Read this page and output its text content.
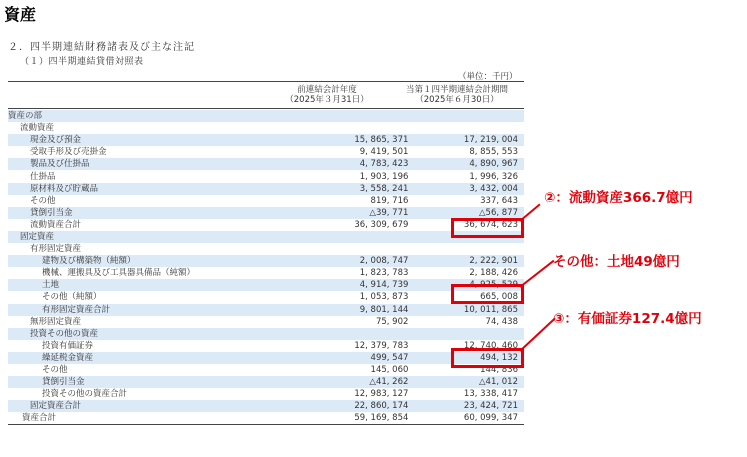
資産
２．四半期連結財務諸表及び主な注記
（１）四半期連結貸借対照表
（単位：千円）
前連結会計年度
（2025年３月31日）
当第１四半期連結会計期間
（2025年６月30日）
資産の部		
流動資産		
現金及び預金	15, 865, 371	17, 219, 004
受取手形及び売掛金	9, 419, 501	8, 855, 553
製品及び仕掛品	4, 783, 423	4, 890, 967
仕掛品	1, 903, 196	1, 996, 326
原材料及び貯蔵品	3, 558, 241	3, 432, 004
その他	819, 716	337, 643
貸倒引当金	△39, 771	△56, 877
流動資産合計	36, 309, 679	36, 674, 623
固定資産		
有形固定資産		
建物及び構築物（純額）	2, 008, 747	2, 222, 901
機械、運搬具及び工具器具備品（純額）	1, 823, 783	2, 188, 426
土地	4, 914, 739	4, 925, 529
その他（純額）	1, 053, 873	665, 008
有形固定資産合計	9, 801, 144	10, 011, 865
無形固定資産	75, 902	74, 438
投資その他の資産		
投資有価証券	12, 379, 783	12, 740, 460
繰延税金資産	499, 547	494, 132
その他	145, 060	144, 836
貸倒引当金	△41, 262	△41, 012
投資その他の資産合計	12, 983, 127	13, 338, 417
固定資産合計	22, 860, 174	23, 424, 721
資産合計	59, 169, 854	60, 099, 347
②：流動資産366.7億円
その他：土地49億円
③：有価証券127.4億円
